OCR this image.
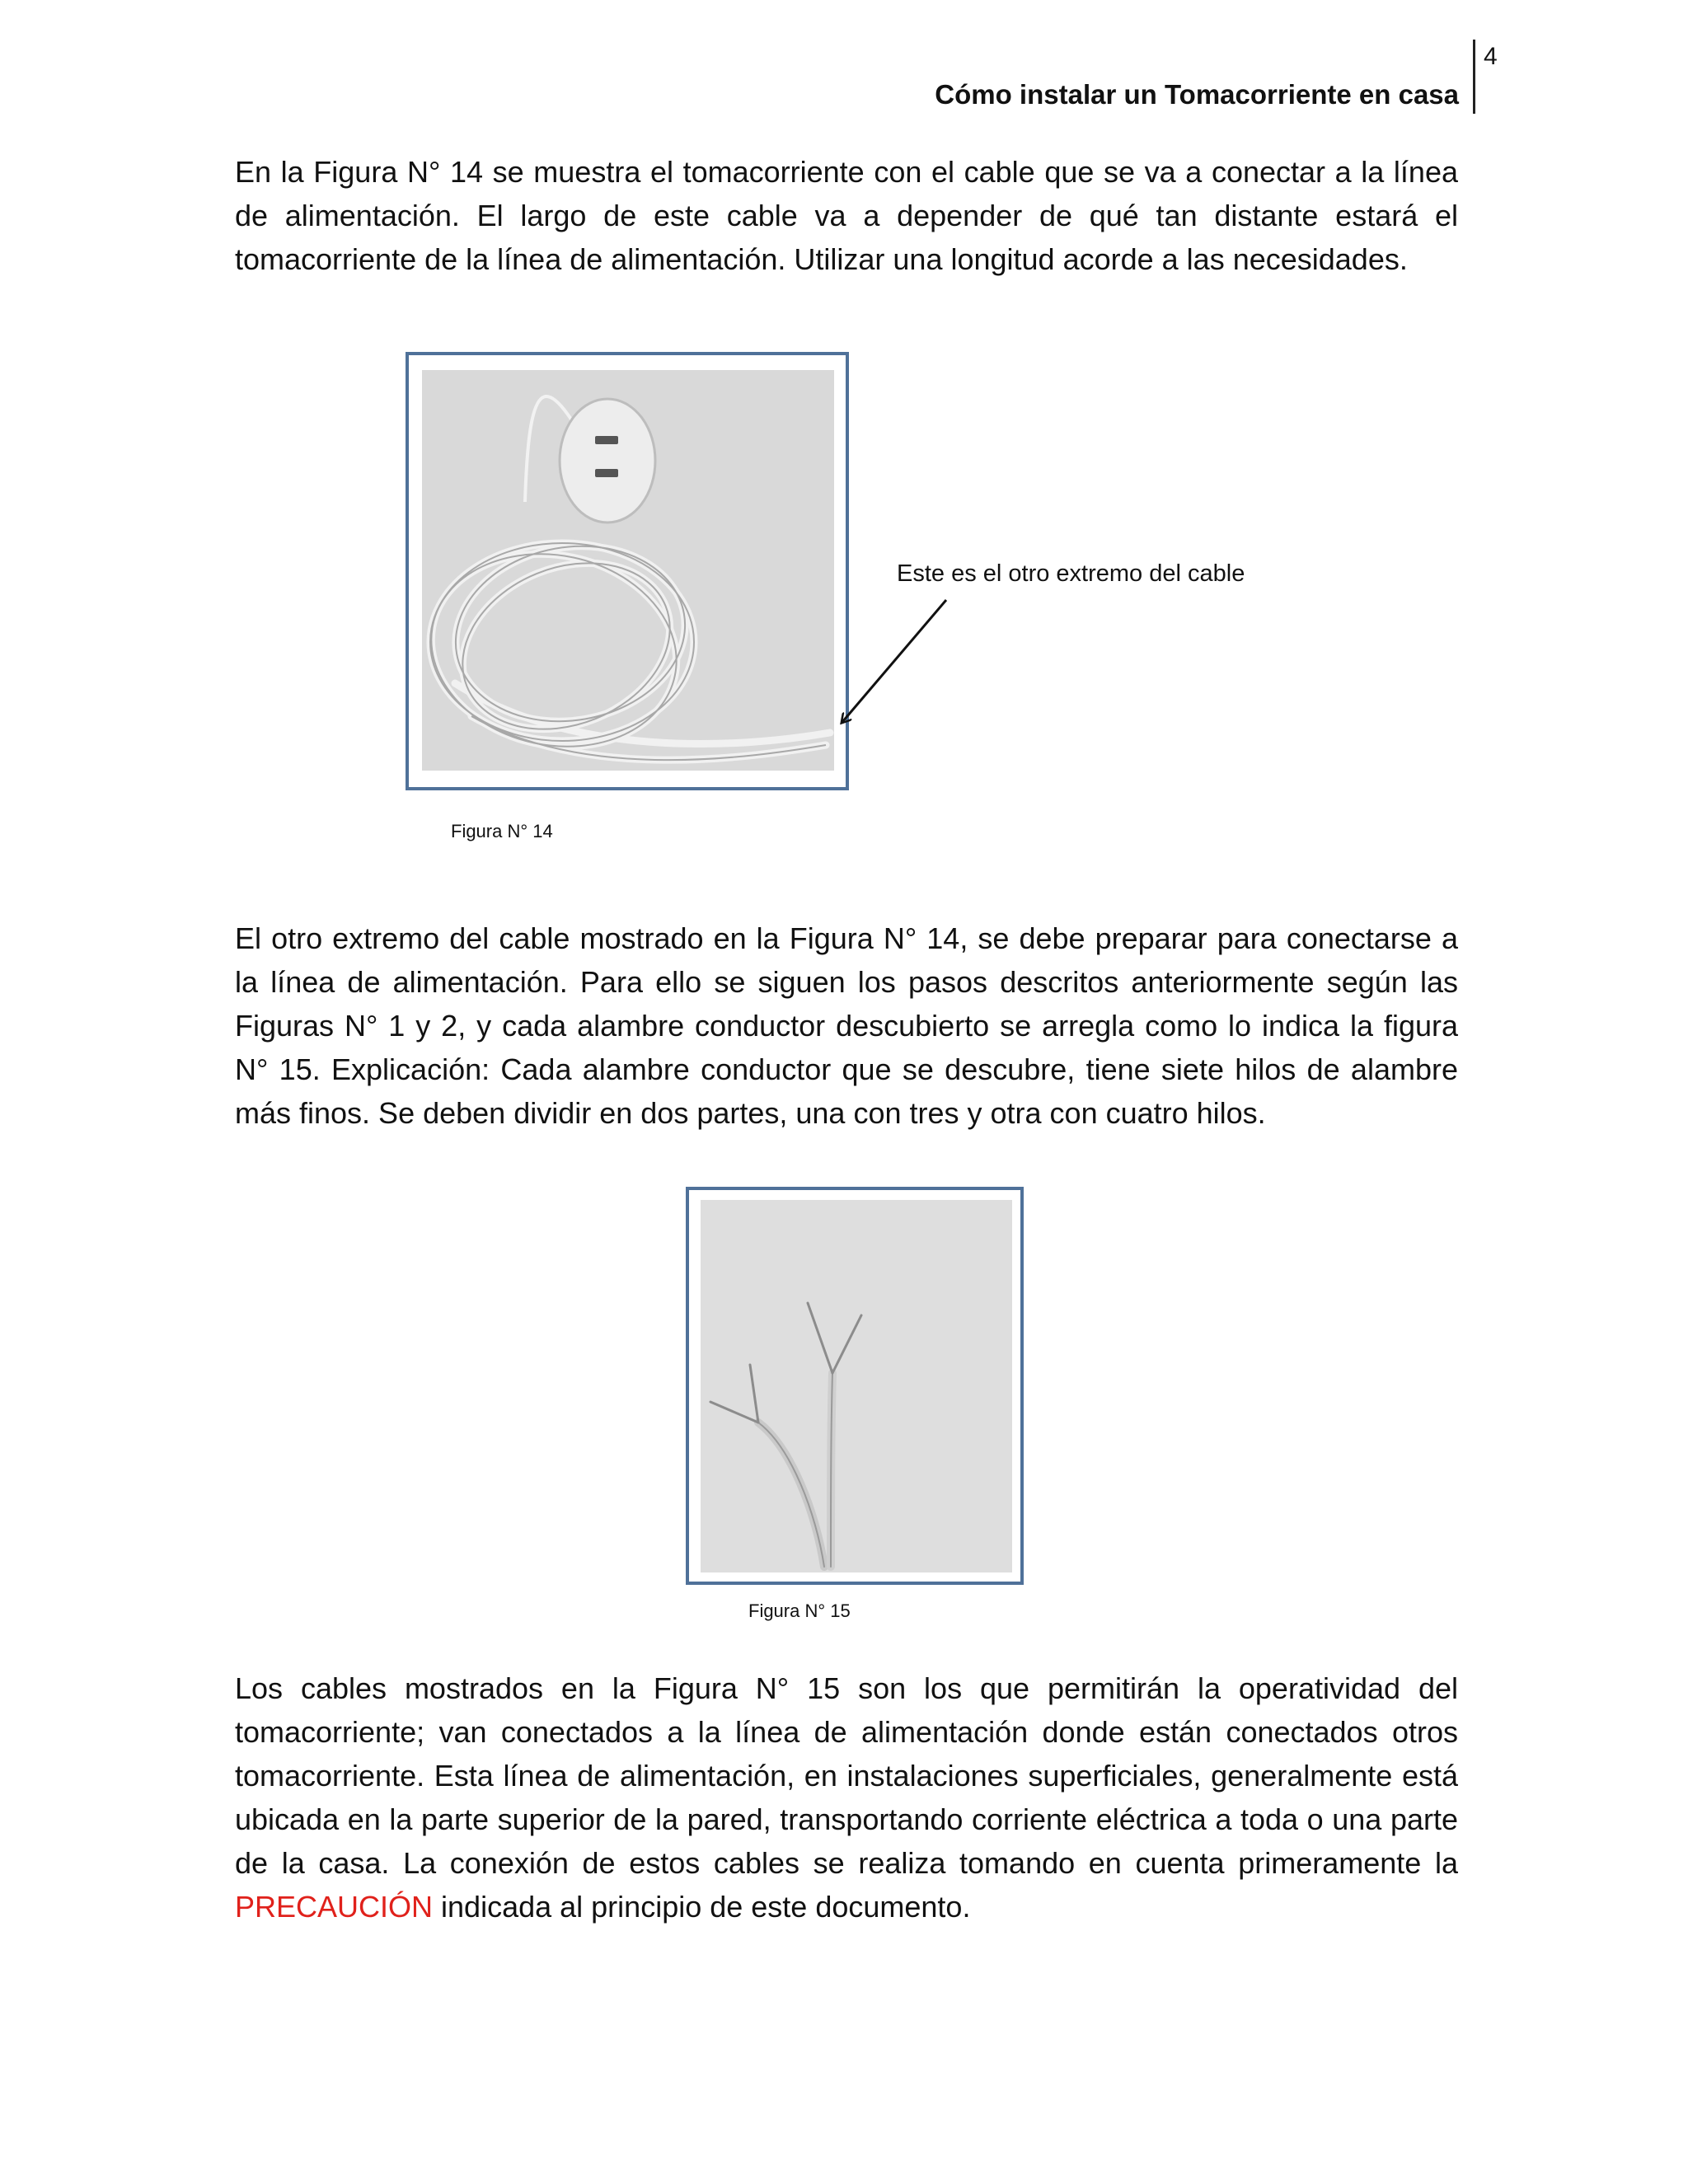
4
Cómo instalar un Tomacorriente en casa

En la Figura N° 14 se muestra el tomacorriente con el cable que se va a conectar a la línea de alimentación. El largo de este cable va a depender de qué tan distante estará el tomacorriente de la línea de alimentación. Utilizar una longitud acorde a las necesidades.

Este es el otro extremo del cable
Figura N° 14

El otro extremo del cable mostrado en la Figura N° 14, se debe preparar para conectarse a la línea de alimentación. Para ello se siguen los pasos descritos anteriormente según las Figuras N° 1 y 2, y cada alambre conductor descubierto se arregla como lo indica la figura N° 15. Explicación: Cada alambre conductor que se descubre, tiene siete hilos de alambre más finos. Se deben dividir en dos partes, una con tres y otra con cuatro hilos.

Figura N° 15

Los cables mostrados en la Figura N° 15 son los que permitirán la operatividad del tomacorriente; van conectados a la línea de alimentación donde están conectados otros tomacorriente. Esta línea de alimentación, en instalaciones superficiales, generalmente está ubicada en la parte superior de la pared, transportando corriente eléctrica a toda o una parte de la casa. La conexión de estos cables se realiza tomando en cuenta primeramente la PRECAUCIÓN indicada al principio de este documento.
